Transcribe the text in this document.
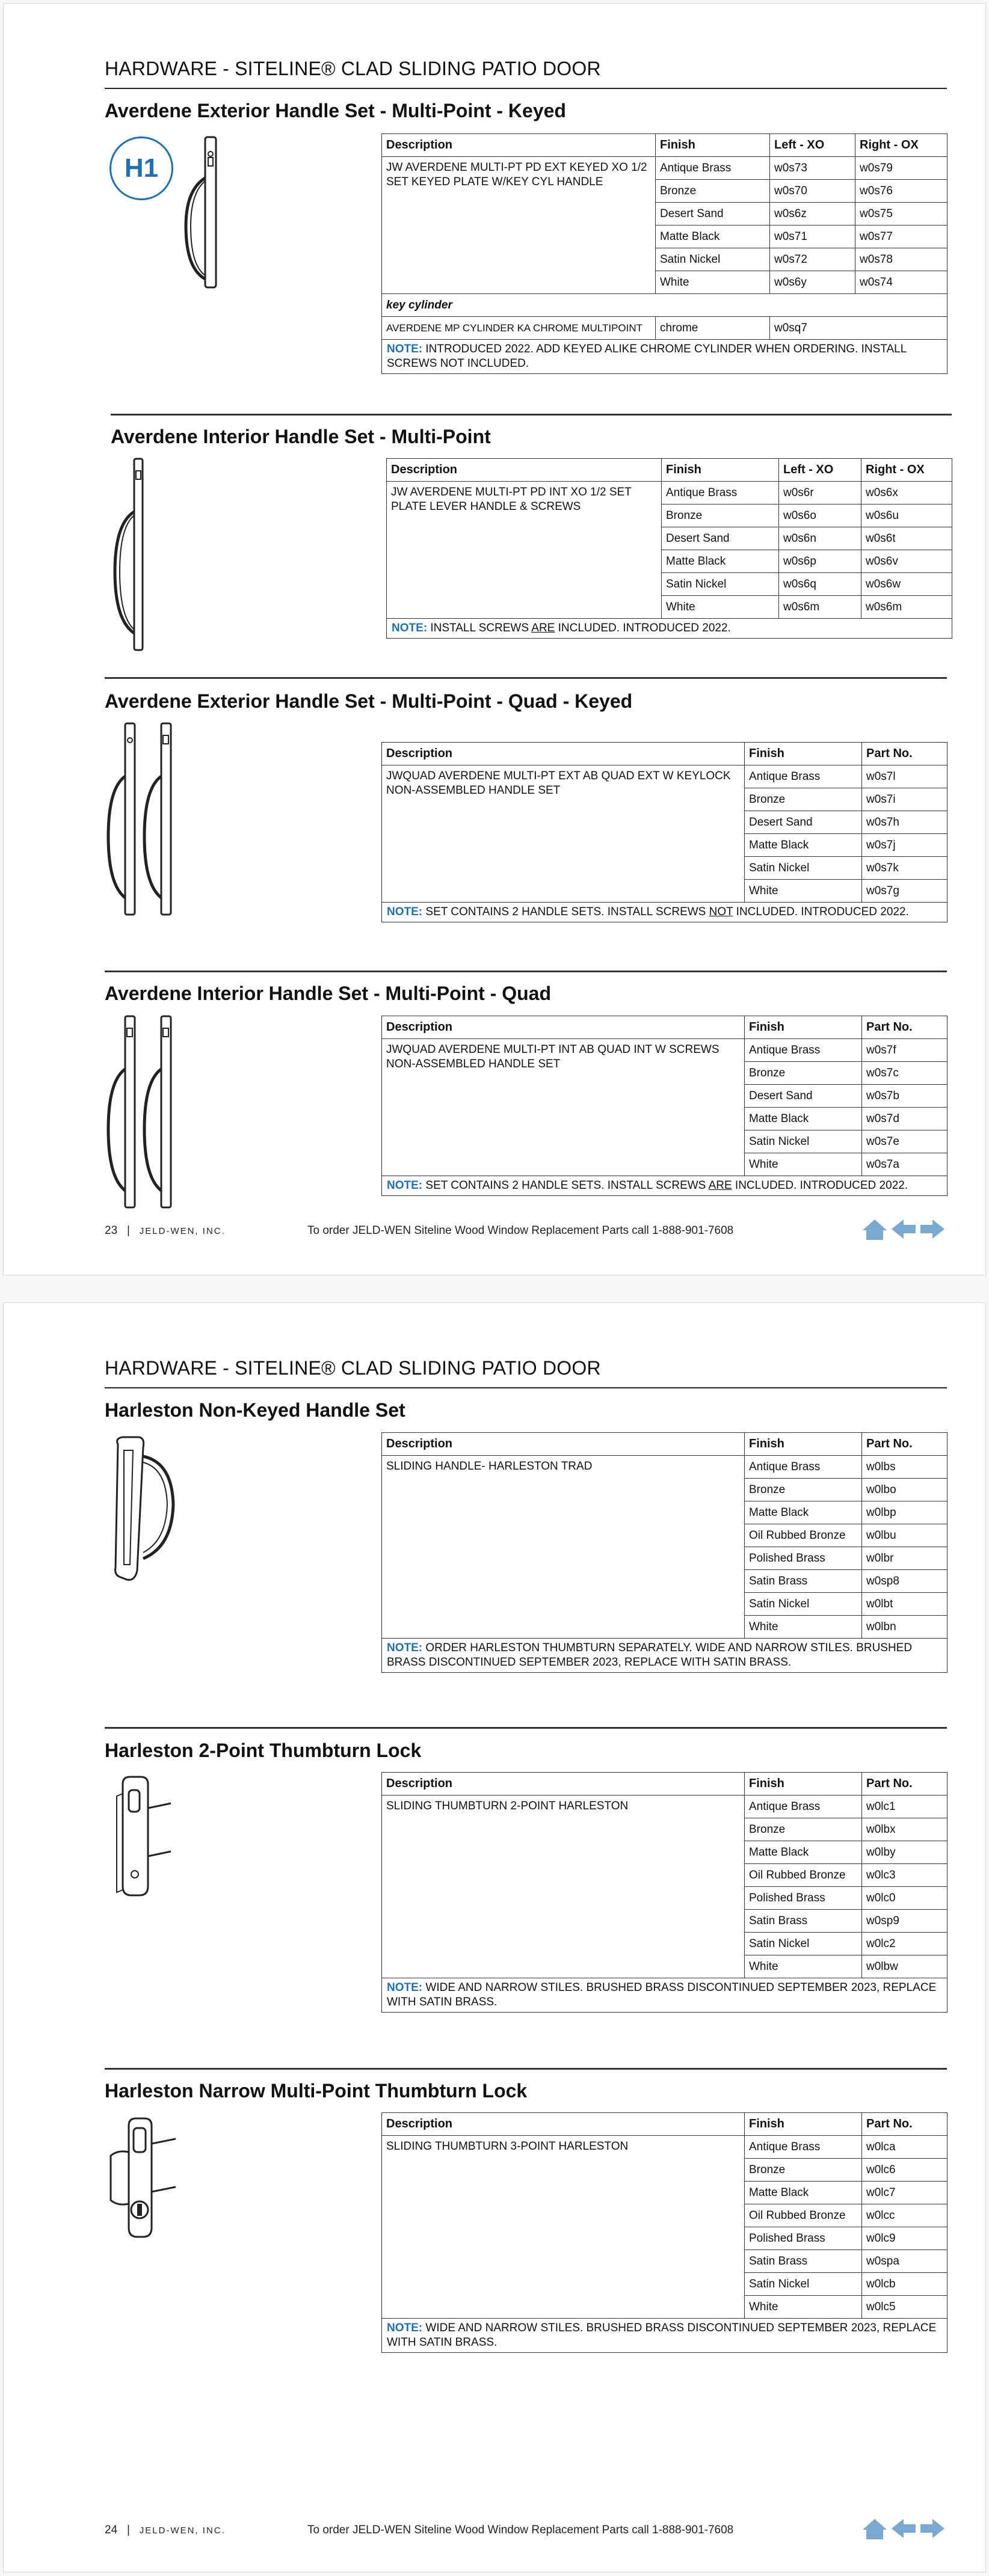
HARDWARE - SITELINE® CLAD SLIDING PATIO DOOR
Averdene Exterior Handle Set - Multi-Point - Keyed
H1
Description	Finish	Left - XO	Right - OX
JW AVERDENE MULTI-PT PD EXT KEYED XO 1/2 SET KEYED PLATE W/KEY CYL HANDLE	Antique Brass	w0s73	w0s79
	Bronze	w0s70	w0s76
	Desert Sand	w0s6z	w0s75
	Matte Black	w0s71	w0s77
	Satin Nickel	w0s72	w0s78
	White	w0s6y	w0s74
key cylinder			
AVERDENE MP CYLINDER KA CHROME MULTIPOINT	chrome	w0sq7	
NOTE: INTRODUCED 2022. ADD KEYED ALIKE CHROME CYLINDER WHEN ORDERING. INSTALL SCREWS NOT INCLUDED.			
Averdene Interior Handle Set - Multi-Point
Description	Finish	Left - XO	Right - OX
JW AVERDENE MULTI-PT PD INT XO 1/2 SET PLATE LEVER HANDLE & SCREWS	Antique Brass	w0s6r	w0s6x
	Bronze	w0s6o	w0s6u
	Desert Sand	w0s6n	w0s6t
	Matte Black	w0s6p	w0s6v
	Satin Nickel	w0s6q	w0s6w
	White	w0s6m	w0s6m
NOTE: INSTALL SCREWS ARE INCLUDED. INTRODUCED 2022.			
Averdene Exterior Handle Set - Multi-Point - Quad - Keyed
Description	Finish	Part No.
JWQUAD AVERDENE MULTI-PT EXT AB QUAD EXT W KEYLOCK NON-ASSEMBLED HANDLE SET	Antique Brass	w0s7l
	Bronze	w0s7i
	Desert Sand	w0s7h
	Matte Black	w0s7j
	Satin Nickel	w0s7k
	White	w0s7g
NOTE: SET CONTAINS 2 HANDLE SETS. INSTALL SCREWS NOT INCLUDED. INTRODUCED 2022.		
Averdene Interior Handle Set - Multi-Point - Quad
Description	Finish	Part No.
JWQUAD AVERDENE MULTI-PT INT AB QUAD INT W SCREWS NON-ASSEMBLED HANDLE SET	Antique Brass	w0s7f
	Bronze	w0s7c
	Desert Sand	w0s7b
	Matte Black	w0s7d
	Satin Nickel	w0s7e
	White	w0s7a
NOTE: SET CONTAINS 2 HANDLE SETS. INSTALL SCREWS ARE INCLUDED. INTRODUCED 2022.		
23 | JELD-WEN, INC.	To order JELD-WEN Siteline Wood Window Replacement Parts call 1-888-901-7608
HARDWARE - SITELINE® CLAD SLIDING PATIO DOOR
Harleston Non-Keyed Handle Set
Description	Finish	Part No.
SLIDING HANDLE- HARLESTON TRAD	Antique Brass	w0lbs
	Bronze	w0lbo
	Matte Black	w0lbp
	Oil Rubbed Bronze	w0lbu
	Polished Brass	w0lbr
	Satin Brass	w0sp8
	Satin Nickel	w0lbt
	White	w0lbn
NOTE: ORDER HARLESTON THUMBTURN SEPARATELY. WIDE AND NARROW STILES. BRUSHED BRASS DISCONTINUED SEPTEMBER 2023, REPLACE WITH SATIN BRASS.		
Harleston 2-Point Thumbturn Lock
Description	Finish	Part No.
SLIDING THUMBTURN 2-POINT HARLESTON	Antique Brass	w0lc1
	Bronze	w0lbx
	Matte Black	w0lby
	Oil Rubbed Bronze	w0lc3
	Polished Brass	w0lc0
	Satin Brass	w0sp9
	Satin Nickel	w0lc2
	White	w0lbw
NOTE: WIDE AND NARROW STILES. BRUSHED BRASS DISCONTINUED SEPTEMBER 2023, REPLACE WITH SATIN BRASS.		
Harleston Narrow Multi-Point Thumbturn Lock
Description	Finish	Part No.
SLIDING THUMBTURN 3-POINT HARLESTON	Antique Brass	w0lca
	Bronze	w0lc6
	Matte Black	w0lc7
	Oil Rubbed Bronze	w0lcc
	Polished Brass	w0lc9
	Satin Brass	w0spa
	Satin Nickel	w0lcb
	White	w0lc5
NOTE: WIDE AND NARROW STILES. BRUSHED BRASS DISCONTINUED SEPTEMBER 2023, REPLACE WITH SATIN BRASS.		
24 | JELD-WEN, INC.	To order JELD-WEN Siteline Wood Window Replacement Parts call 1-888-901-7608
